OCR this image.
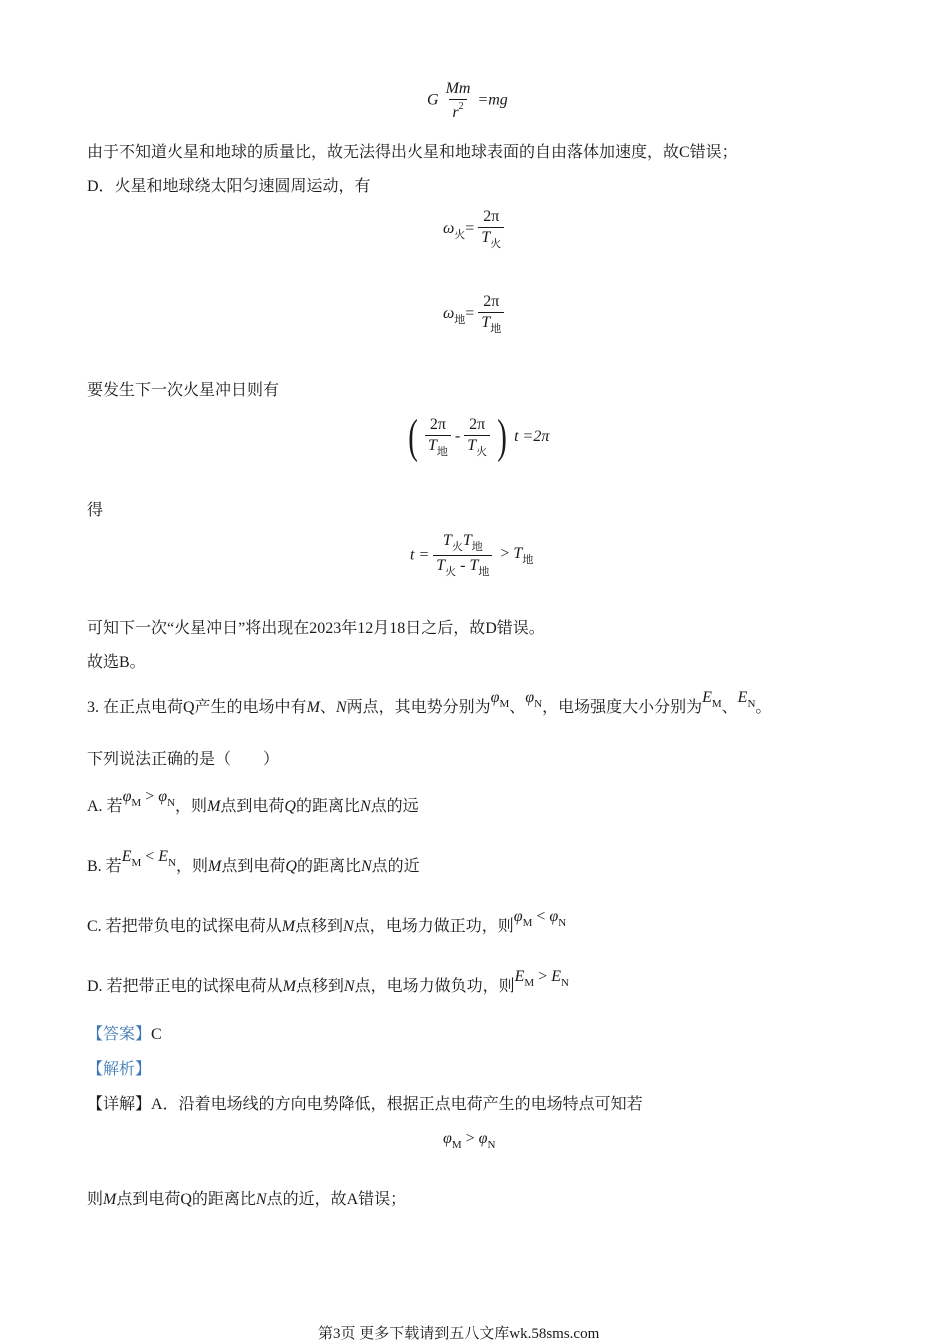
G $\frac{Mm}{r^2} =mg$
由于不知道火星和地球的质量比，故无法得出火星和地球表面的自由落体加速度，故C错误；
D．火星和地球绕太阳匀速圆周运动，有
$\omega_火= \frac{2\pi}{T_火}$
$\omega_地= \frac{2\pi}{T_地}$
要发生下一次火星冲日则有
( $\frac{2\pi}{T_地} - \frac{2\pi}{T_火}$ ) t =2π
得
$t = \frac{T_火T_地}{T_火 - T_地} > T_地$
可知下一次“火星冲日”将出现在2023年12月18日之后，故D错误。
故选B。
3. 在正点电荷Q产生的电场中有M、N两点，其电势分别为$\varphi_M$、$\varphi_N$，电场强度大小分别为$E_M$、$E_N$。
下列说法正确的是（　　）
A. 若$\varphi_M > \varphi_N$，则M点到电荷Q的距离比N点的远
B. 若$E_M < E_N$，则M点到电荷Q的距离比N点的近
C. 若把带负电的试探电荷从M点移到N点，电场力做正功，则$\varphi_M < \varphi_N$
D. 若把带正电的试探电荷从M点移到N点，电场力做负功，则$E_M > E_N$
【答案】C
【解析】
【详解】A．沿着电场线的方向电势降低，根据正点电荷产生的电场特点可知若
$\varphi_M > \varphi_N$
则M点到电荷Q的距离比N点的近，故A错误；
第3页 更多下载请到五八文库wk.58sms.com
